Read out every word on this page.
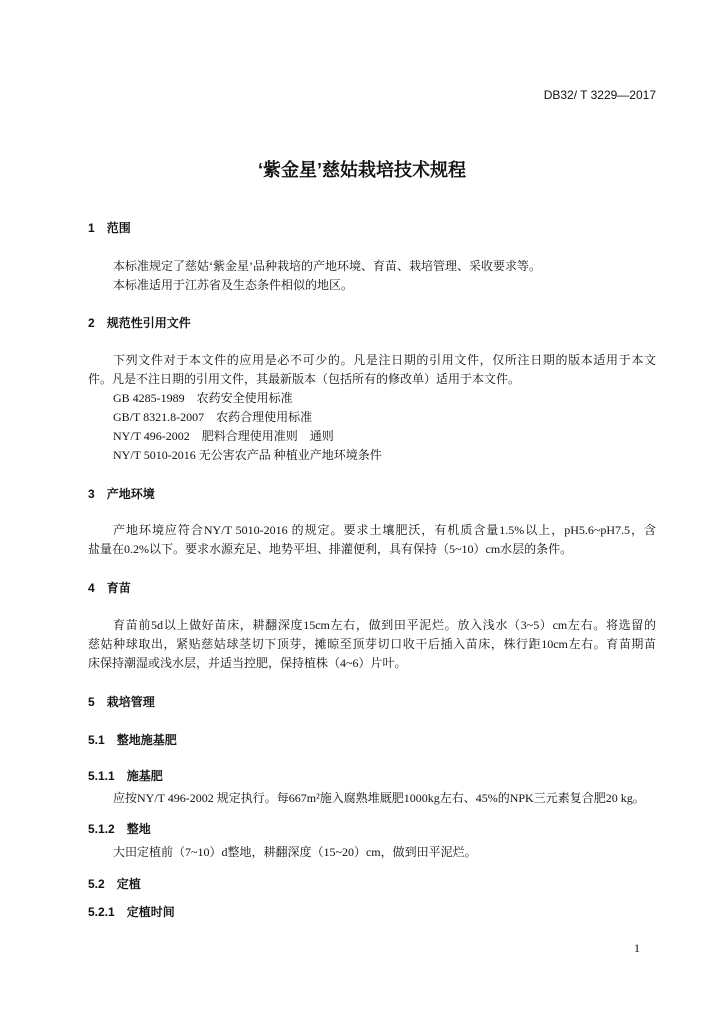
DB32/ T 3229—2017
‘紫金星’慈姑栽培技术规程
1 范围
本标准规定了慈姑‘紫金星’品种栽培的产地环境、育苗、栽培管理、采收要求等。
本标准适用于江苏省及生态条件相似的地区。
2 规范性引用文件
下列文件对于本文件的应用是必不可少的。凡是注日期的引用文件，仅所注日期的版本适用于本文
件。凡是不注日期的引用文件，其最新版本（包括所有的修改单）适用于本文件。
GB 4285-1989　农药安全使用标准
GB/T 8321.8-2007　农药合理使用标准
NY/T 496-2002　肥料合理使用准则　通则
NY/T 5010-2016 无公害农产品 种植业产地环境条件
3 产地环境
产地环境应符合NY/T 5010-2016 的规定。要求土壤肥沃，有机质含量1.5%以上，pH5.6~pH7.5，含
盐量在0.2%以下。要求水源充足、地势平坦、排灌便利，具有保持（5~10）cm水层的条件。
4 育苗
育苗前5d以上做好苗床，耕翻深度15cm左右，做到田平泥烂。放入浅水（3~5）cm左右。将选留的
慈姑种球取出，紧贴慈姑球茎切下顶芽，摊晾至顶芽切口收干后插入苗床，株行距10cm左右。育苗期苗
床保持潮湿或浅水层，并适当控肥，保持植株（4~6）片叶。
5 栽培管理
5.1 整地施基肥
5.1.1 施基肥
应按NY/T 496-2002 规定执行。每667m²施入腐熟堆厩肥1000kg左右、45%的NPK三元素复合肥20 kg。
5.1.2 整地
大田定植前（7~10）d整地，耕翻深度（15~20）cm，做到田平泥烂。
5.2 定植
5.2.1 定植时间
1
